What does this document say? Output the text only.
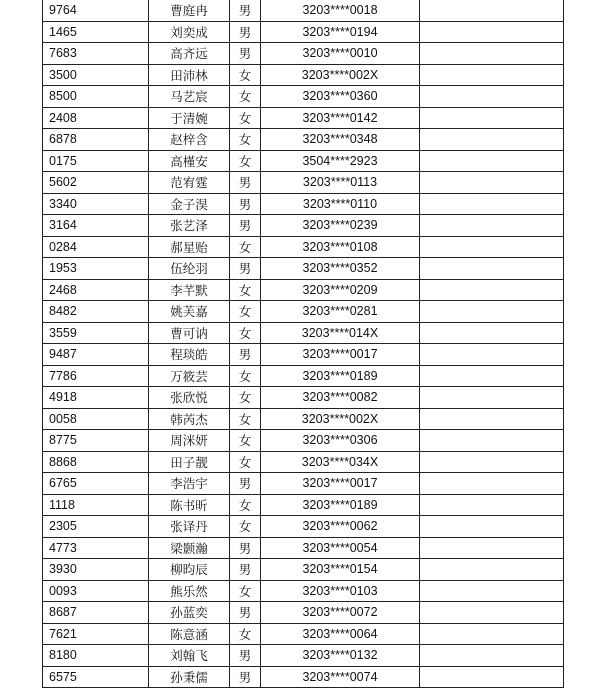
9764	曹庭冉	男	3203****0018	
1465	刘奕成	男	3203****0194	
7683	高齐远	男	3203****0010	
3500	田沛林	女	3203****002X	
8500	马艺宸	女	3203****0360	
2408	于清婉	女	3203****0142	
6878	赵梓含	女	3203****0348	
0175	高槿安	女	3504****2923	
5602	范宥霆	男	3203****0113	
3340	金子淏	男	3203****0110	
3164	张艺泽	男	3203****0239	
0284	郝星贻	女	3203****0108	
1953	伍纶羽	男	3203****0352	
2468	李芊默	女	3203****0209	
8482	姚芙嘉	女	3203****0281	
3559	曹可讷	女	3203****014X	
9487	程琰皓	男	3203****0017	
7786	万筱芸	女	3203****0189	
4918	张欣悦	女	3203****0082	
0058	韩芮杰	女	3203****002X	
8775	周洣妍	女	3203****0306	
8868	田子靓	女	3203****034X	
6765	李浩宇	男	3203****0017	
1118	陈书昕	女	3203****0189	
2305	张译丹	女	3203****0062	
4773	梁颢瀚	男	3203****0054	
3930	柳昀辰	男	3203****0154	
0093	熊乐然	女	3203****0103	
8687	孙蓝奕	男	3203****0072	
7621	陈意涵	女	3203****0064	
8180	刘翰飞	男	3203****0132	
6575	孙秉儒	男	3203****0074	
